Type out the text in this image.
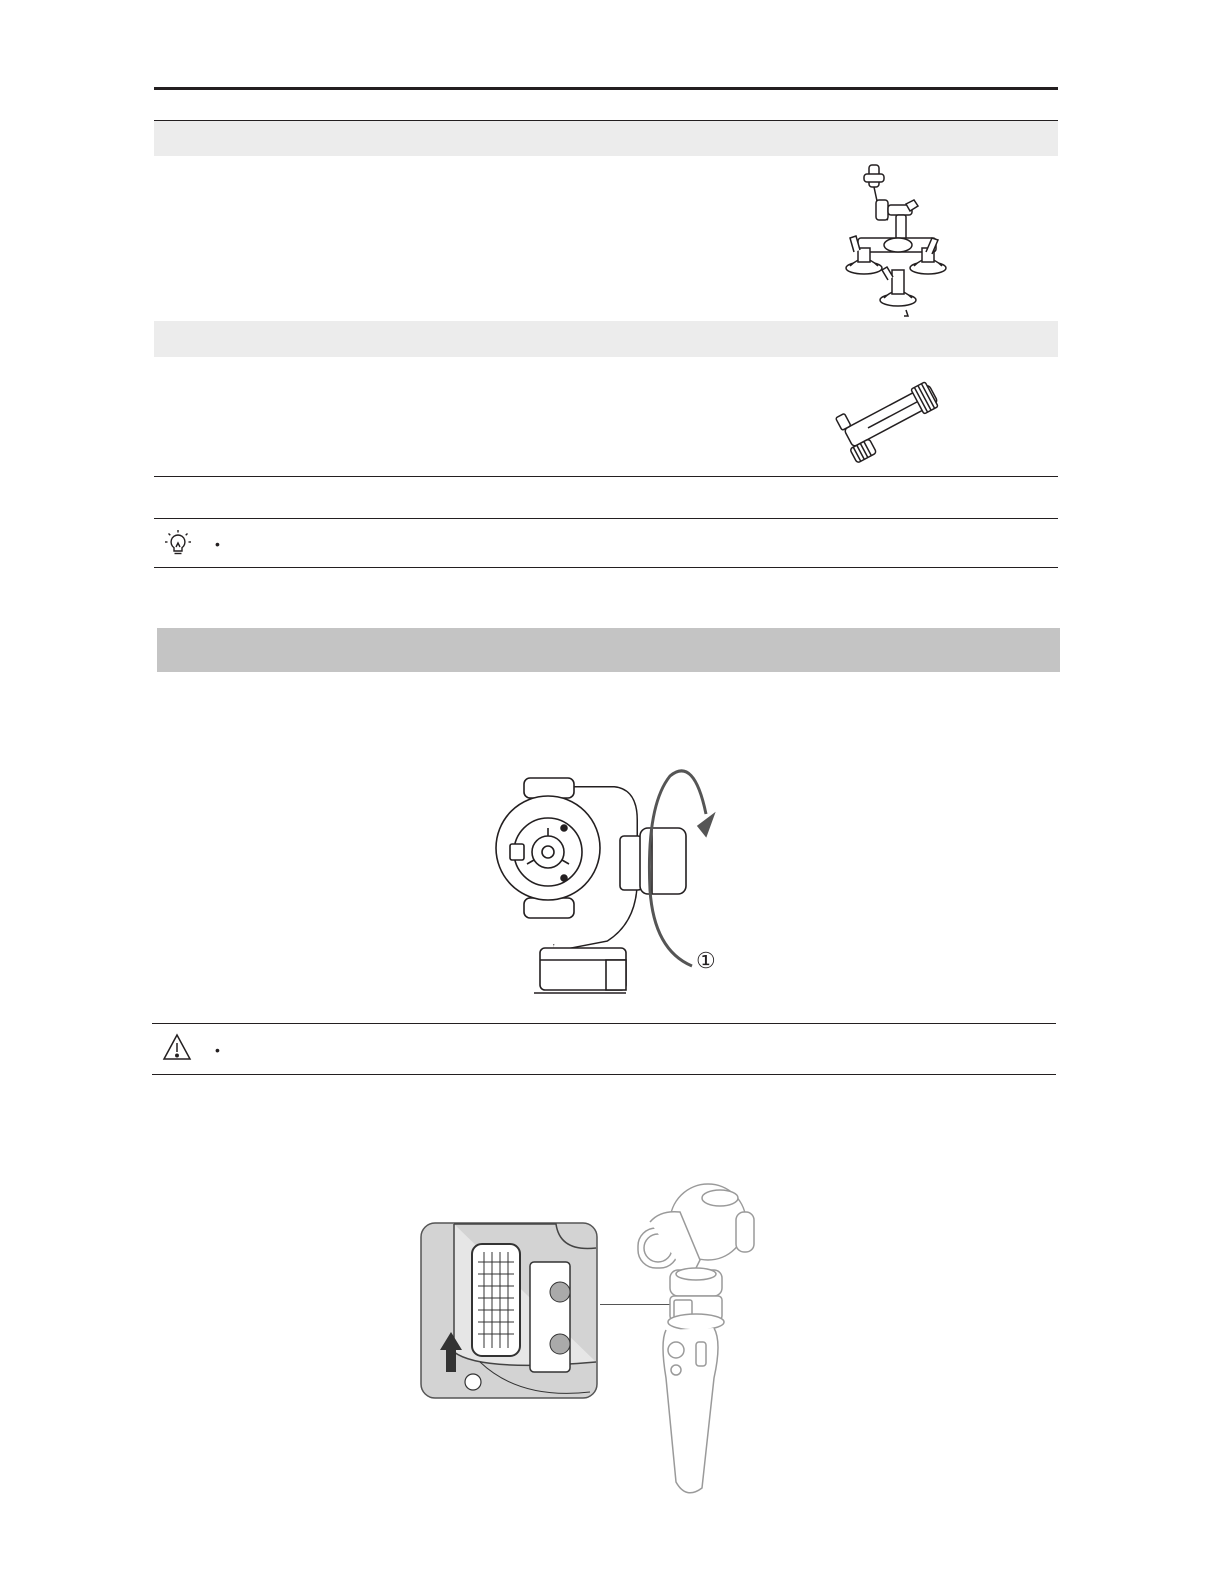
•
①
•
